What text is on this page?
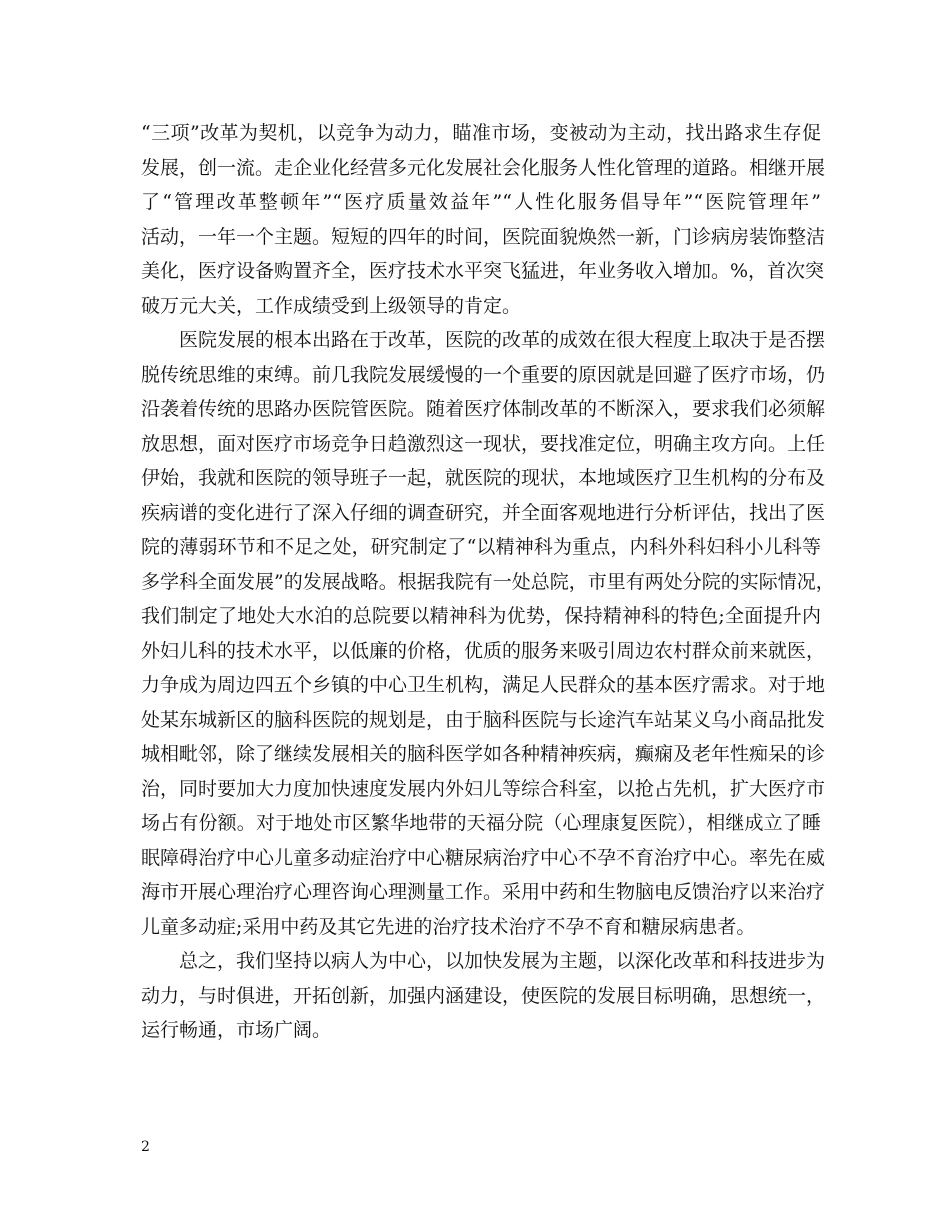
“三项”改革为契机，以竞争为动力，瞄准市场，变被动为主动，找出路求生存促
发展，创一流。走企业化经营多元化发展社会化服务人性化管理的道路。相继开展
了“管理改革整顿年”“医疗质量效益年”“人性化服务倡导年”“医院管理年”
活动，一年一个主题。短短的四年的时间，医院面貌焕然一新，门诊病房装饰整洁
美化，医疗设备购置齐全，医疗技术水平突飞猛进，年业务收入增加。%，首次突
破万元大关，工作成绩受到上级领导的肯定。
　　医院发展的根本出路在于改革，医院的改革的成效在很大程度上取决于是否摆
脱传统思维的束缚。前几我院发展缓慢的一个重要的原因就是回避了医疗市场，仍
沿袭着传统的思路办医院管医院。随着医疗体制改革的不断深入，要求我们必须解
放思想，面对医疗市场竞争日趋激烈这一现状，要找准定位，明确主攻方向。上任
伊始，我就和医院的领导班子一起，就医院的现状，本地域医疗卫生机构的分布及
疾病谱的变化进行了深入仔细的调查研究，并全面客观地进行分析评估，找出了医
院的薄弱环节和不足之处，研究制定了“以精神科为重点，内科外科妇科小儿科等
多学科全面发展”的发展战略。根据我院有一处总院，市里有两处分院的实际情况，
我们制定了地处大水泊的总院要以精神科为优势，保持精神科的特色;全面提升内
外妇儿科的技术水平，以低廉的价格，优质的服务来吸引周边农村群众前来就医，
力争成为周边四五个乡镇的中心卫生机构，满足人民群众的基本医疗需求。对于地
处某东城新区的脑科医院的规划是，由于脑科医院与长途汽车站某义乌小商品批发
城相毗邻，除了继续发展相关的脑科医学如各种精神疾病，癫痫及老年性痴呆的诊
治，同时要加大力度加快速度发展内外妇儿等综合科室，以抢占先机，扩大医疗市
场占有份额。对于地处市区繁华地带的天福分院（心理康复医院），相继成立了睡
眠障碍治疗中心儿童多动症治疗中心糖尿病治疗中心不孕不育治疗中心。率先在威
海市开展心理治疗心理咨询心理测量工作。采用中药和生物脑电反馈治疗以来治疗
儿童多动症;采用中药及其它先进的治疗技术治疗不孕不育和糖尿病患者。
　　总之，我们坚持以病人为中心，以加快发展为主题，以深化改革和科技进步为
动力，与时俱进，开拓创新，加强内涵建设，使医院的发展目标明确，思想统一，
运行畅通，市场广阔。
2
